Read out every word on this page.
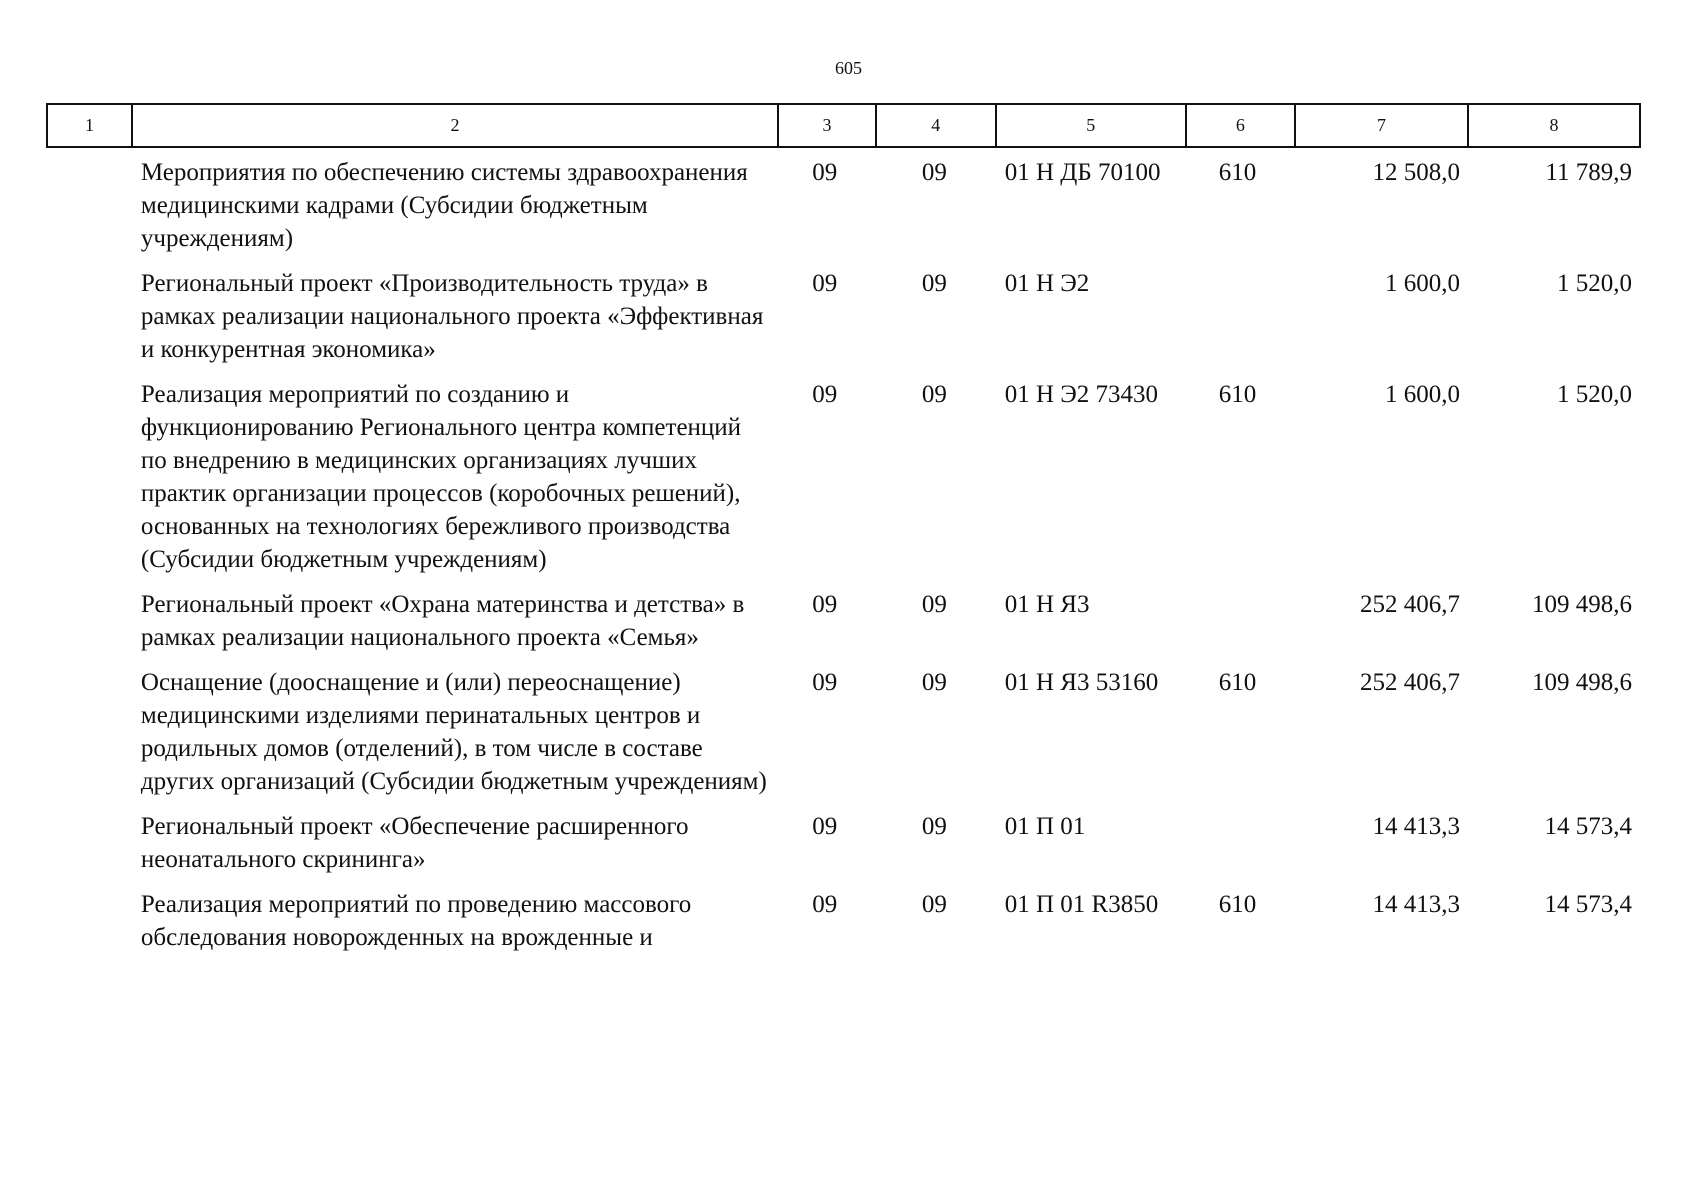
605
1	2	3	4	5	6	7	8
	Мероприятия по обеспечению системы здравоохранения медицинскими кадрами (Субсидии бюджетным учреждениям)	09	09	01 Н ДБ 70100	610	12 508,0	11 789,9
	Региональный проект «Производительность труда» в рамках реализации национального проекта «Эффективная и конкурентная экономика»	09	09	01 Н Э2		1 600,0	1 520,0
	Реализация мероприятий по созданию и функционированию Регионального центра компетенций по внедрению в медицинских организациях лучших практик организации процессов (коробочных решений), основанных на технологиях бережливого производства (Субсидии бюджетным учреждениям)	09	09	01 Н Э2 73430	610	1 600,0	1 520,0
	Региональный проект «Охрана материнства и детства» в рамках реализации национального проекта «Семья»	09	09	01 Н Я3		252 406,7	109 498,6
	Оснащение (дооснащение и (или) переоснащение) медицинскими изделиями перинатальных центров и родильных домов (отделений), в том числе в составе других организаций (Субсидии бюджетным учреждениям)	09	09	01 Н Я3 53160	610	252 406,7	109 498,6
	Региональный проект «Обеспечение расширенного неонатального скрининга»	09	09	01 П 01		14 413,3	14 573,4
	Реализация мероприятий по проведению массового обследования новорожденных на врожденные и	09	09	01 П 01 R3850	610	14 413,3	14 573,4
